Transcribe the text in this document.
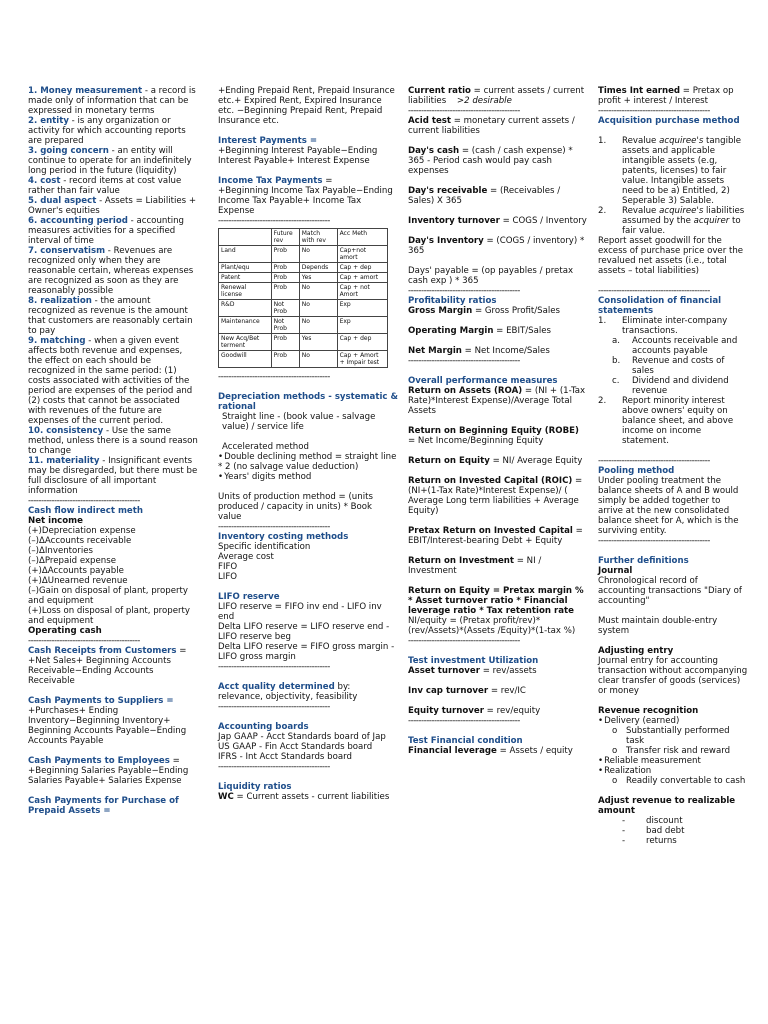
1. Money measurement - a record is made only of information that can be expressed in monetary terms
2. entity - is any organization or activity for which accounting reports are prepared
3. going concern - an entity will continue to operate for an indefinitely long period in the future (liquidity)
4. cost - record items at cost value rather than fair value
5. dual aspect - Assets = Liabilities + Owner's equities
6. accounting period - accounting measures activities for a specified interval of time
7. conservatism - Revenues are recognized only when they are reasonable certain, whereas expenses are recognized as soon as they are reasonably possible
8. realization - the amount recognized as revenue is the amount that customers are reasonably certain to pay
9. matching - when a given event affects both revenue and expenses, the effect on each should be recognized in the same period: (1) costs associated with activities of the period are expenses of the period and (2) costs that cannot be associated with revenues of the future are expenses of the current period.
10. consistency - Use the same method, unless there is a sound reason to change
11. materiality - Insignificant events may be disregarded, but there must be full disclosure of all important information
-------------------------------------------
Cash flow indirect meth
Net income
(+)Depreciation expense
(–)ΔAccounts receivable
(–)ΔInventories
(–)ΔPrepaid expense
(+)ΔAccounts payable
(+)ΔUnearned revenue
(–)Gain on disposal of plant, property and equipment
(+)Loss on disposal of plant, property and equipment
Operating cash
-------------------------------------------
Cash Receipts from Customers =
+Net Sales+ Beginning Accounts Receivable−Ending Accounts Receivable
Cash Payments to Suppliers =
+Purchases+ Ending Inventory−Beginning Inventory+ Beginning Accounts Payable−Ending Accounts Payable
Cash Payments to Employees =
+Beginning Salaries Payable−Ending Salaries Payable+ Salaries Expense
Cash Payments for Purchase of Prepaid Assets =
+Ending Prepaid Rent, Prepaid Insurance etc.+ Expired Rent, Expired Insurance etc. −Beginning Prepaid Rent, Prepaid Insurance etc.
Interest Payments =
+Beginning Interest Payable−Ending Interest Payable+ Interest Expense
Income Tax Payments =
+Beginning Income Tax Payable−Ending Income Tax Payable+ Income Tax Expense
-------------------------------------------
	Future rev	Match with rev	Acc Meth
Land	Prob	No	Cap+not amort
Plant/equ	Prob	Depends	Cap + dep
Patent	Prob	Yes	Cap + amort
Renewal license	Prob	No	Cap + not Amort
R&D	Not Prob	No	Exp
Maintenance	Not Prob	No	Exp
New Acq/Bet terment	Prob	Yes	Cap + dep
Goodwill	Prob	No	Cap + Amort + Impair test
-------------------------------------------
Depreciation methods - systematic & rational
Straight line - (book value - salvage value) / service life
Accelerated method
• Double declining method = straight line * 2 (no salvage value deduction)
• Years' digits method
Units of production method = (units produced / capacity in units) * Book value
-------------------------------------------
Inventory costing methods
Specific identification
Average cost
FIFO
LIFO
LIFO reserve
LIFO reserve = FIFO inv end - LIFO inv end
Delta LIFO reserve = LIFO reserve end - LIFO reserve beg
Delta LIFO reserve = FIFO gross margin - LIFO gross margin
-------------------------------------------
Acct quality determined by:
relevance, objectivity, feasibility
-------------------------------------------
Accounting boards
Jap GAAP - Acct Standards board of Jap
US GAAP - Fin Acct Standards board
IFRS - Int Acct Standards board
-------------------------------------------
Liquidity ratios
WC = Current assets - current liabilities
Current ratio = current assets / current liabilities >2 desirable
-------------------------------------------
Acid test = monetary current assets / current liabilities
Day's cash = (cash / cash expense) * 365 - Period cash would pay cash expenses
Day's receivable = (Receivables / Sales) X 365
Inventory turnover = COGS / Inventory
Day's Inventory = (COGS / inventory) * 365
Days' payable = (op payables / pretax cash exp ) * 365
-------------------------------------------
Profitability ratios
Gross Margin = Gross Profit/Sales
Operating Margin = EBIT/Sales
Net Margin = Net Income/Sales
-------------------------------------------
Overall performance measures
Return on Assets (ROA) = (NI + (1-Tax Rate)*Interest Expense)/Average Total Assets
Return on Beginning Equity (ROBE) = Net Income/Beginning Equity
Return on Equity = NI/ Average Equity
Return on Invested Capital (ROIC) = (NI+(1-Tax Rate)*Interest Expense)/ ( Average Long term liabilities + Average Equity)
Pretax Return on Invested Capital = EBIT/Interest-bearing Debt + Equity
Return on Investment = NI / Investment
Return on Equity = Pretax margin % * Asset turnover ratio * Financial leverage ratio * Tax retention rate
NI/equity = (Pretax profit/rev)*(rev/Assets)*(Assets /Equity)*(1-tax %)
-------------------------------------------
Test investment Utilization
Asset turnover = rev/assets
Inv cap turnover = rev/IC
Equity turnover = rev/equity
-------------------------------------------
Test Financial condition
Financial leverage = Assets / equity
Times Int earned = Pretax op profit + interest / Interest
-------------------------------------------
Acquisition purchase method
1.	Revalue acquiree's tangible assets and applicable intangible assets (e.g, patents, licenses) to fair value. Intangible assets need to be a) Entitled, 2) Seperable 3) Salable.
2.	Revalue acquiree's liabilities assumed by the acquirer to fair value.
Report asset goodwill for the excess of purchase price over the revalued net assets (i.e., total assets – total liabilities)
-------------------------------------------
Consolidation of financial statements
1.	Eliminate inter-company transactions.
a.	Accounts receivable and accounts payable
b.	Revenue and costs of sales
c.	Dividend and dividend revenue
2.	Report minority interest above owners' equity on balance sheet, and above income on income statement.
-------------------------------------------
Pooling method
Under pooling treatment the balance sheets of A and B would simply be added together to arrive at the new consolidated balance sheet for A, which is the surviving entity.
-------------------------------------------
Further definitions
Journal
Chronological record of accounting transactions "Diary of accounting"
Must maintain double-entry system
Adjusting entry
Journal entry for accounting transaction without accompanying clear transfer of goods (services) or money
Revenue recognition
• Delivery (earned)
o	Substantially performed task
o	Transfer risk and reward
• Reliable measurement
• Realization
o	Readily convertable to cash
Adjust revenue to realizable amount
-	discount
-	bad debt
-	returns
